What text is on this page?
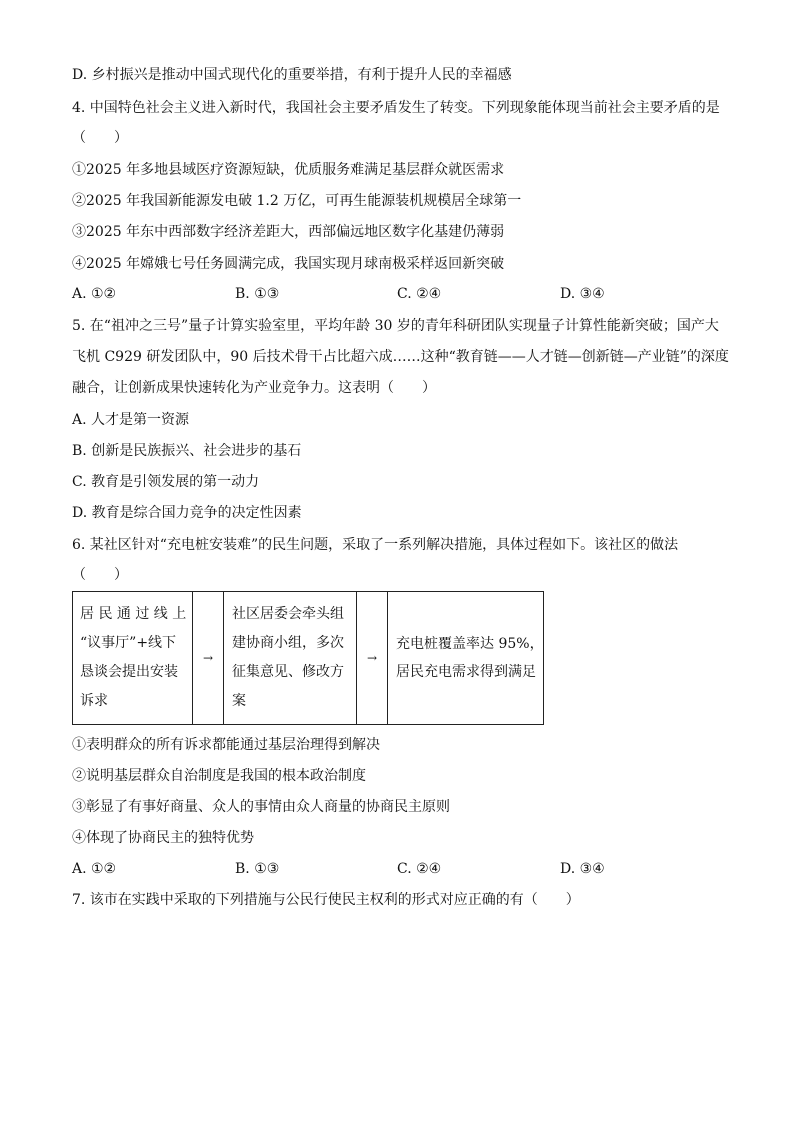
D. 乡村振兴是推动中国式现代化的重要举措，有利于提升人民的幸福感
4. 中国特色社会主义进入新时代，我国社会主要矛盾发生了转变。下列现象能体现当前社会主要矛盾的是
（　　）
①2025 年多地县域医疗资源短缺，优质服务难满足基层群众就医需求
②2025 年我国新能源发电破 1.2 万亿，可再生能源装机规模居全球第一
③2025 年东中西部数字经济差距大，西部偏远地区数字化基建仍薄弱
④2025 年嫦娥七号任务圆满完成，我国实现月球南极采样返回新突破
A. ①②	B. ①③	C. ②④	D. ③④
5. 在“祖冲之三号”量子计算实验室里，平均年龄 30 岁的青年科研团队实现量子计算性能新突破；国产大
飞机 C929 研发团队中，90 后技术骨干占比超六成……这种“教育链——人才链—创新链—产业链”的深度
融合，让创新成果快速转化为产业竞争力。这表明（　　）
A. 人才是第一资源
B. 创新是民族振兴、社会进步的基石
C. 教育是引领发展的第一动力
D. 教育是综合国力竞争的决定性因素
6. 某社区针对“充电桩安装难”的民生问题，采取了一系列解决措施，具体过程如下。该社区的做法
（　　）
居 民 通 过 线 上
“议事厅”+线下
恳谈会提出安装
诉求
→
社区居委会牵头组
建协商小组，多次
征集意见、修改方
案
→
充电桩覆盖率达 95%，
居民充电需求得到满足
①表明群众的所有诉求都能通过基层治理得到解决
②说明基层群众自治制度是我国的根本政治制度
③彰显了有事好商量、众人的事情由众人商量的协商民主原则
④体现了协商民主的独特优势
A. ①②	B. ①③	C. ②④	D. ③④
7. 该市在实践中采取的下列措施与公民行使民主权利的形式对应正确的有（　　）
